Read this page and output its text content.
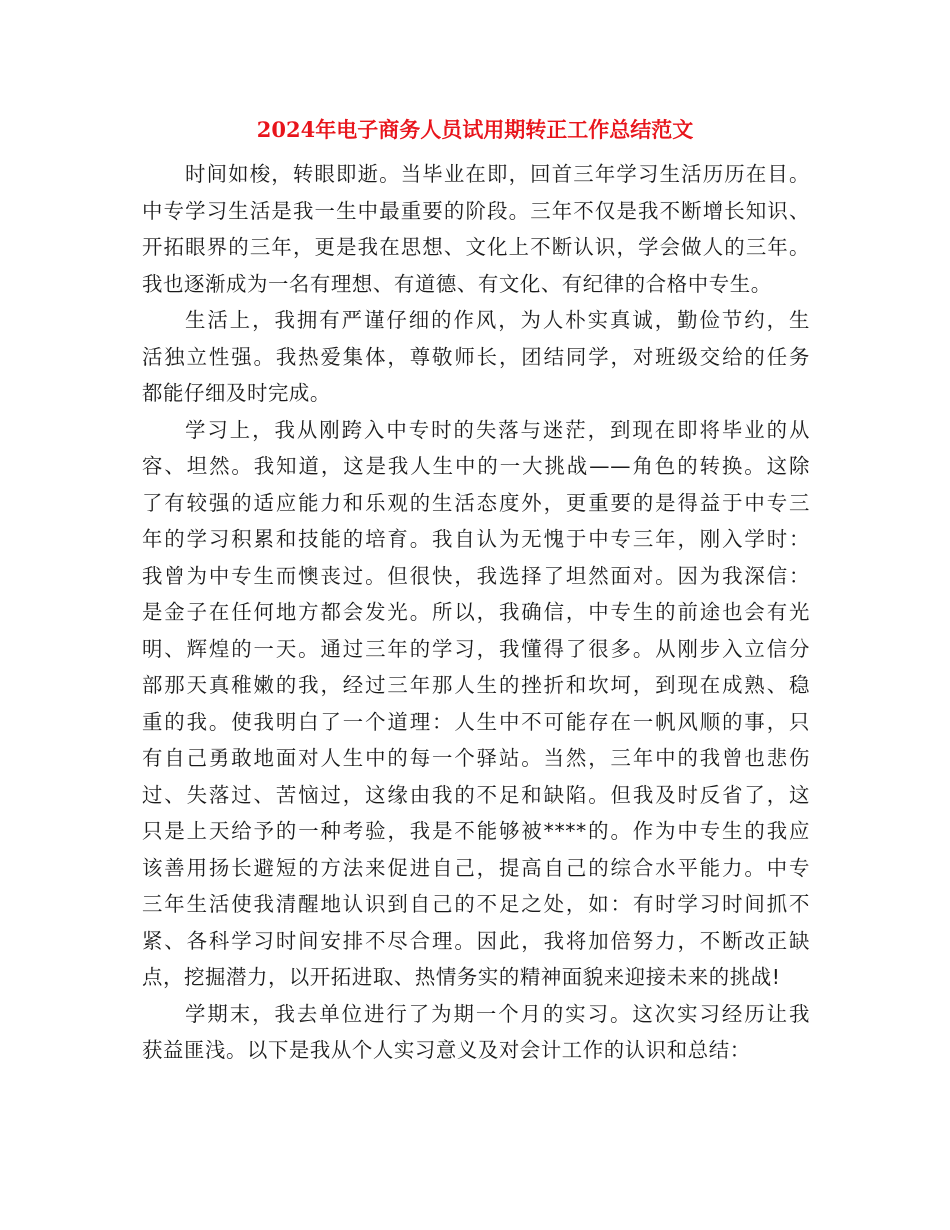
2024年电子商务人员试用期转正工作总结范文
时间如梭，转眼即逝。当毕业在即，回首三年学习生活历历在目。
中专学习生活是我一生中最重要的阶段。三年不仅是我不断增长知识、
开拓眼界的三年，更是我在思想、文化上不断认识，学会做人的三年。
我也逐渐成为一名有理想、有道德、有文化、有纪律的合格中专生。
生活上，我拥有严谨仔细的作风，为人朴实真诚，勤俭节约，生
活独立性强。我热爱集体，尊敬师长，团结同学，对班级交给的任务
都能仔细及时完成。
学习上，我从刚跨入中专时的失落与迷茫，到现在即将毕业的从
容、坦然。我知道，这是我人生中的一大挑战——角色的转换。这除
了有较强的适应能力和乐观的生活态度外，更重要的是得益于中专三
年的学习积累和技能的培育。我自认为无愧于中专三年，刚入学时：
我曾为中专生而懊丧过。但很快，我选择了坦然面对。因为我深信：
是金子在任何地方都会发光。所以，我确信，中专生的前途也会有光
明、辉煌的一天。通过三年的学习，我懂得了很多。从刚步入立信分
部那天真稚嫩的我，经过三年那人生的挫折和坎坷，到现在成熟、稳
重的我。使我明白了一个道理：人生中不可能存在一帆风顺的事，只
有自己勇敢地面对人生中的每一个驿站。当然，三年中的我曾也悲伤
过、失落过、苦恼过，这缘由我的不足和缺陷。但我及时反省了，这
只是上天给予的一种考验，我是不能够被****的。作为中专生的我应
该善用扬长避短的方法来促进自己，提高自己的综合水平能力。中专
三年生活使我清醒地认识到自己的不足之处，如：有时学习时间抓不
紧、各科学习时间安排不尽合理。因此，我将加倍努力，不断改正缺
点，挖掘潜力，以开拓进取、热情务实的精神面貌来迎接未来的挑战!
学期末，我去单位进行了为期一个月的实习。这次实习经历让我
获益匪浅。以下是我从个人实习意义及对会计工作的认识和总结：
